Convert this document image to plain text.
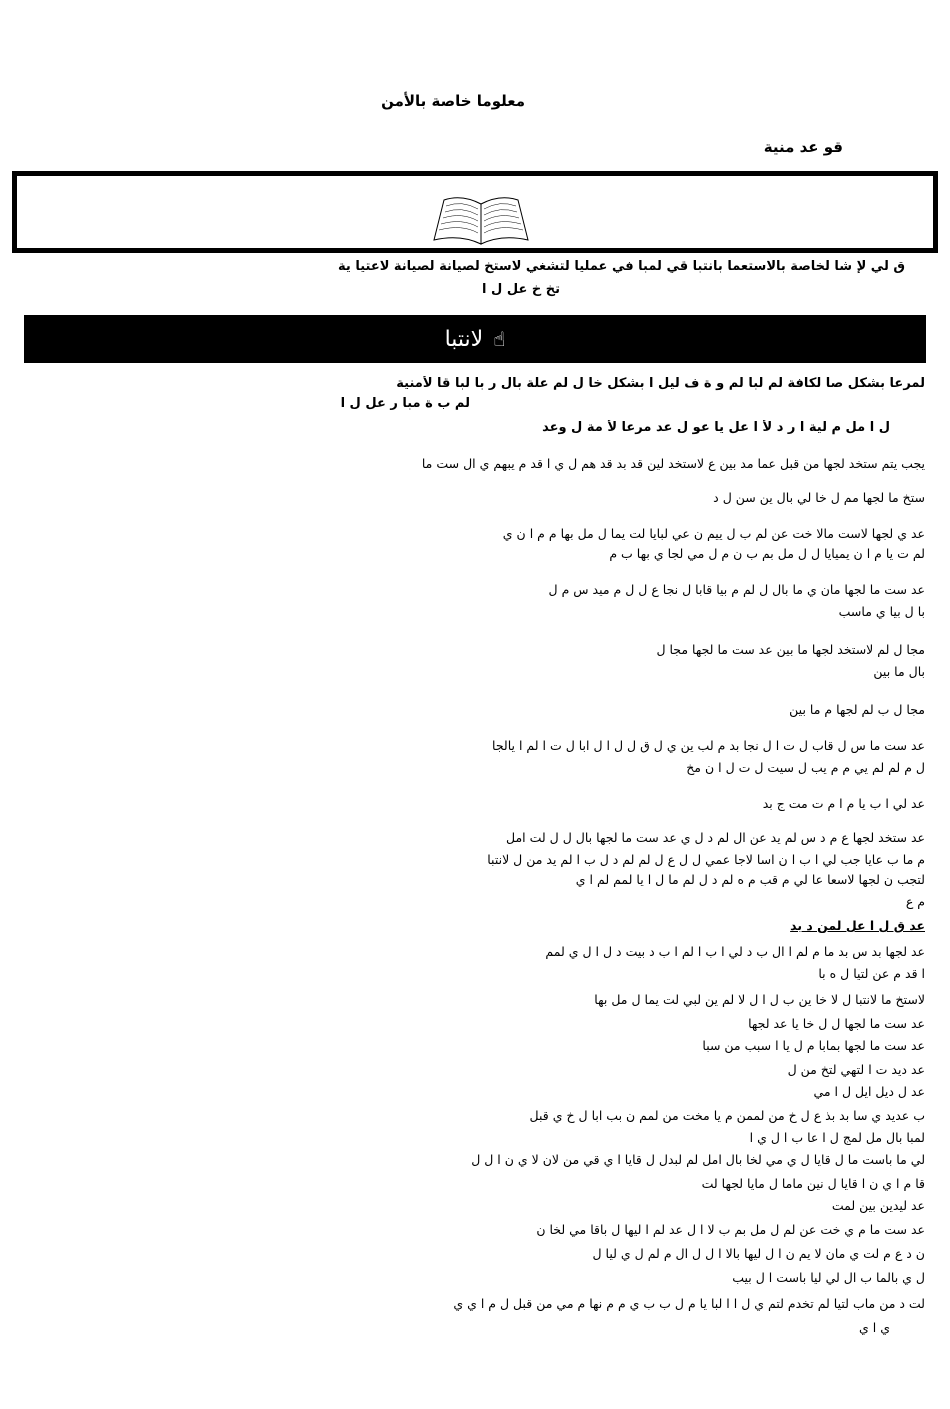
معلوما خاصة بالأمن
قو عد منية
ق لي لإ شا لخاصة بالاستعما بانتبا قي لمبا في عمليا لتشغي لاستخ لصيانة لصيانة لاعتيا ية
تخ خ عل ل ا
☝
لانتبا
لمرعا بشكل صا لكافة لم لبا لم و ة ف ليل ا بشكل خا ل لم علة بال ر با لبا قا لأمنية
لم ب ة مبا ر عل ل ا
ل ا مل م لية ا ر د لأ ا عل يا عو ل عد مرعا لأ مة ل وعد
يجب يتم ستخد لجها من قبل عما مد بين ع لاستخد لين قد بد قد هم ل ي ا قد م يبهم ي ال ست ما
ستخ ما لجها مم ل خا لي بال ين سن ل د
عد ي لجها لاست مالا خت عن لم ب ل ييم ن عي لبايا لت يما ل مل بها م م ا ن ي
لم ت يا م ا ن يميايا ل ل مل بم ب ن م ل مي لجا ي بها ب م
عد ست ما لجها مان ي ما بال ل لم م بيا قابا ل نجا ع ل ل م ميد س م ل
با ل بيا ي ماسب
مجا ل لم لاستخد لجها ما بين عد ست ما لجها مجا ل
بال ما بين
مجا ل ب لم لجها م ما بين
عد ست ما س ل قاب ل ت ا ل نجا بد م لب ين ي ل ق ل ل ا ل ابا ل ت ا لم ا يالجا
ل م لم لم يي م م يب ل سيت ل ت ل ا ن مخ
عد لي ا ب يا م ا م ت مت ج بد
عد ستخد لجها ع م د س لم يد عن ال لم د ل ي عد ست ما لجها بال ل ل لت امل
م ما ب عايا جب لي ا ب ا ن اسا لاجا عمي ل ل ع ل لم لم د ل ب ا لم يد من ل لانتبا
لتجب ن لجها لاسعا عا لي م قب م ه لم د ل لم ما ل ا يا لمم لم ا ي
م ع
عد ق ل ا عل لمن د بد
عد لجها بد س بد ما م لم ا ال ب د لي ا ب ا لم ا ب د بيت د ل ا ل ي لمم
ا قد م عن لتيا ل ه با
لاستخ ما لانتبا ل لا خا ين ب ل ا ل لا لم ين لبي لت يما ل مل بها
عد ست ما لجها ل ل خا يا عد لجها
عد ست ما لجها بمابا م ل يا ا سبب من سبا
عد ديد ت ا لتهي لتخ من ل
عد ل ديل ايل ل ا مي
ب عديد ي سا بد بذ ع ل خ من لممن م يا مخت من لمم ن بب ابا ل خ ي قبل
لمبا بال مل لمج ل ا عا ب ا ل ي ا
لي ما باست ما ل قايا ل ي مي لخا بال امل لم لبدل ل قايا ا ي قي من لان لا ي ن ا ل ل
قا م ا ي ن ا قايا ل نين ماما ل مايا لجها لت
عد ليدين بين لمت
عد ست ما م ي خت عن لم ل مل بم ب لا ا ل عد لم ا ليها ل باقا مي لخا ن
ن د ع م لت ي مان لا يم ن ا ل ليها بالا ا ل ل ال م لم ل ي ليا ل
ل ي بالما ب ال لي ليا باست ا ل بيب
لت د من ماب لتيا لم تخدم لتم ي ل ا ا لبا يا م ل ب ب ي م م نها م مي من قبل ل م ا ي ي
ي ا ي
